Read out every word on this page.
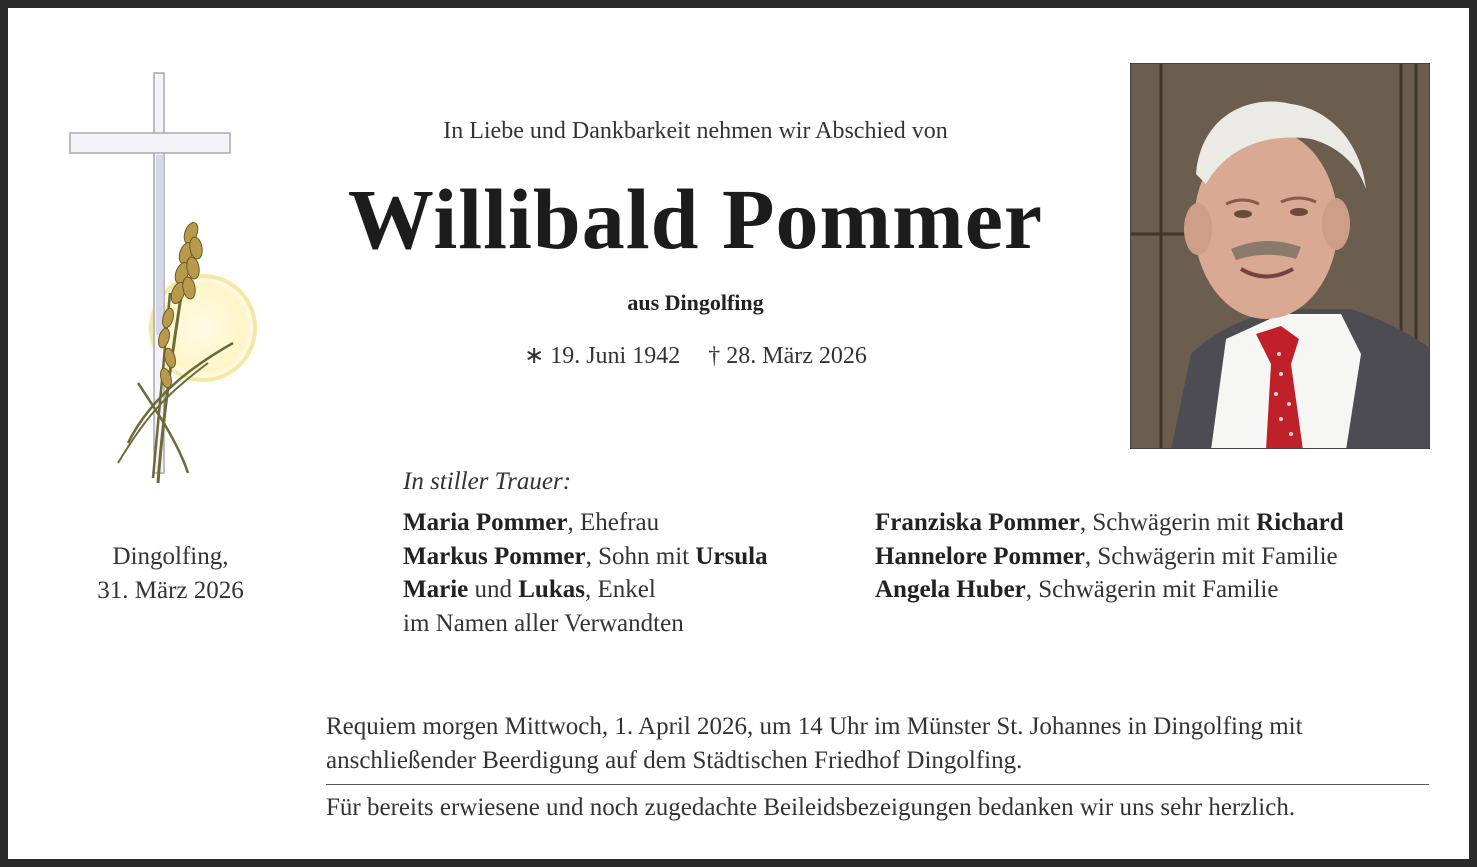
In Liebe und Dankbarkeit nehmen wir Abschied von
Willibald Pommer
aus Dingolfing
∗ 19. Juni 1942 † 28. März 2026
Dingolfing,
31. März 2026
In stiller Trauer:
Maria Pommer, Ehefrau
Markus Pommer, Sohn mit Ursula
Marie und Lukas, Enkel
im Namen aller Verwandten
Franziska Pommer, Schwägerin mit Richard
Hannelore Pommer, Schwägerin mit Familie
Angela Huber, Schwägerin mit Familie
Requiem morgen Mittwoch, 1. April 2026, um 14 Uhr im Münster St. Johannes in Dingolfing mit anschließender Beerdigung auf dem Städtischen Friedhof Dingolfing.
Für bereits erwiesene und noch zugedachte Beileidsbezeigungen bedanken wir uns sehr herzlich.
